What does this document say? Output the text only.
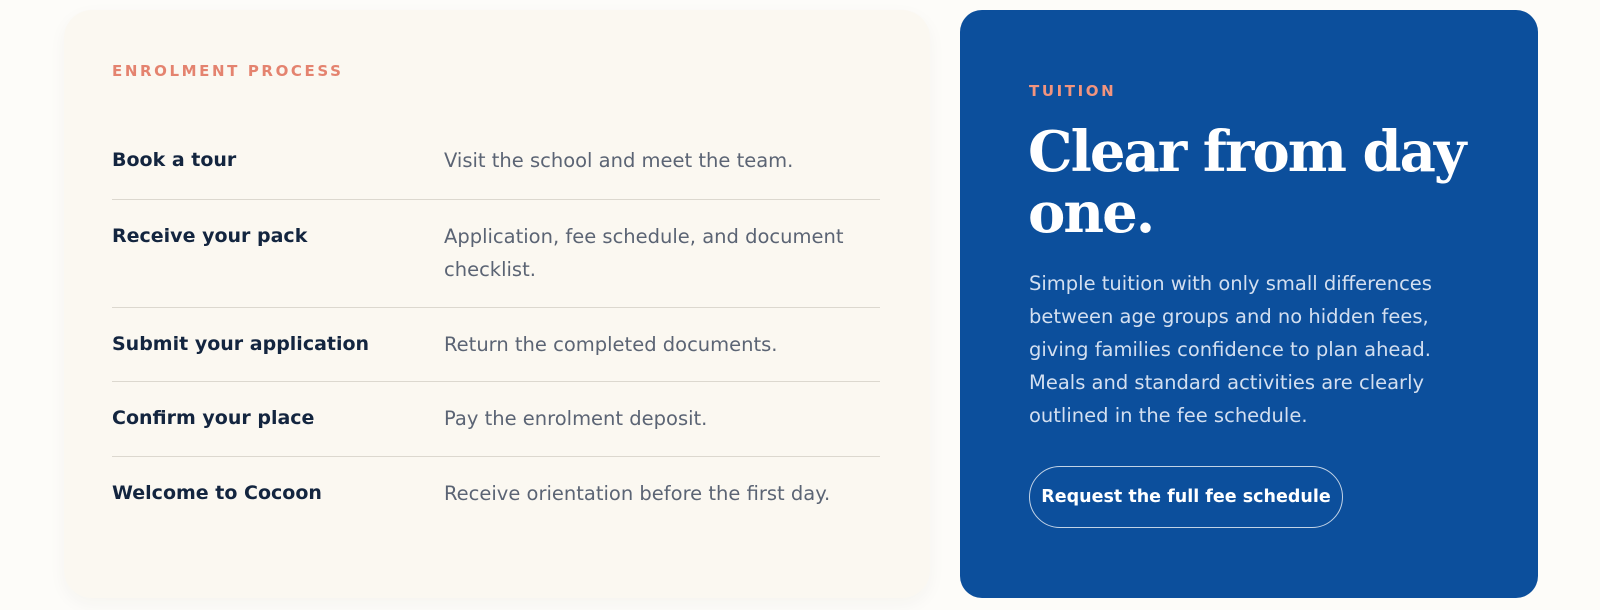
ENROLMENT PROCESS
Book a tour	Visit the school and meet the team.
Receive your pack	Application, fee schedule, and document checklist.
Submit your application	Return the completed documents.
Confirm your place	Pay the enrolment deposit.
Welcome to Cocoon	Receive orientation before the first day.
TUITION
Clear from day one.

Simple tuition with only small differences between age groups and no hidden fees, giving families confidence to plan ahead. Meals and standard activities are clearly outlined in the fee schedule.

Request the full fee schedule
